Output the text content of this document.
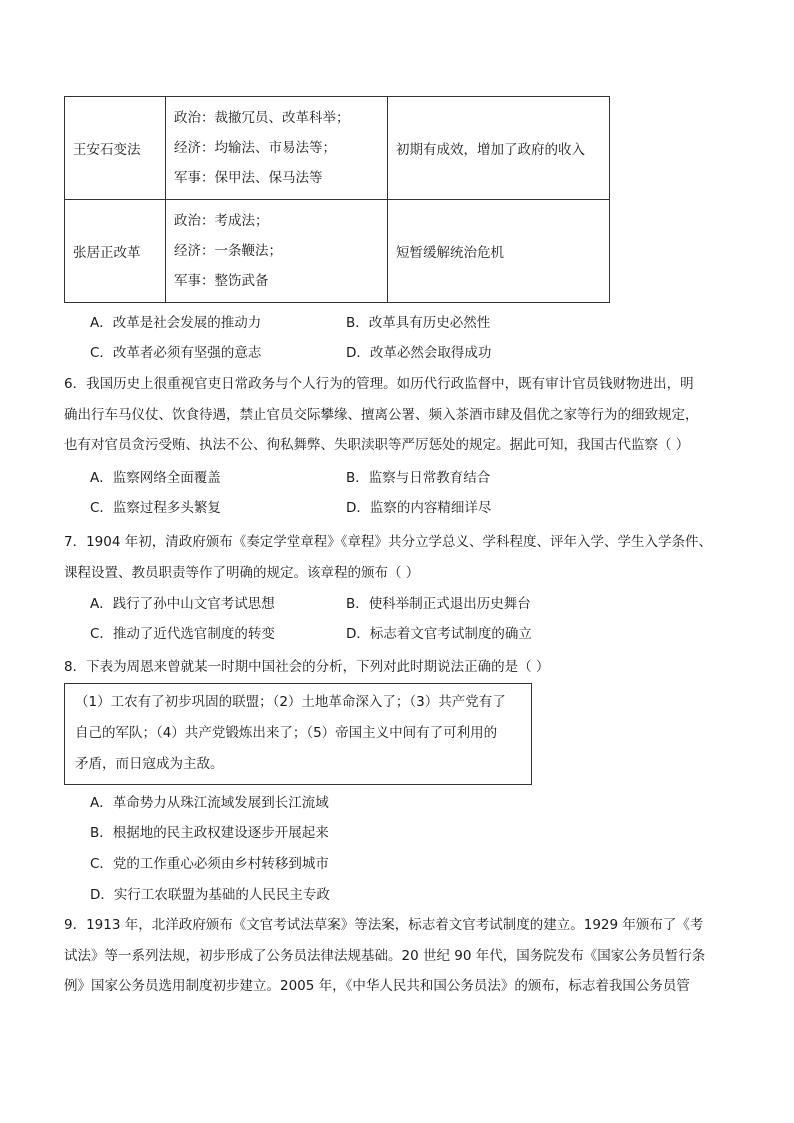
王安石变法	政治：裁撤冗员、改革科举；
经济：均输法、市易法等；
军事：保甲法、保马法等	初期有成效，增加了政府的收入
张居正改革	政治：考成法；
经济：一条鞭法；
军事：整饬武备	短暂缓解统治危机
A．改革是社会发展的推动力	B．改革具有历史必然性
C．改革者必须有坚强的意志	D．改革必然会取得成功
6．我国历史上很重视官吏日常政务与个人行为的管理。如历代行政监督中，既有审计官员钱财物进出，明
确出行车马仪仗、饮食待遇，禁止官员交际攀缘、擅离公署、频入茶酒市肆及倡优之家等行为的细致规定，
也有对官员贪污受贿、执法不公、徇私舞弊、失职渎职等严厉惩处的规定。据此可知，我国古代监察（ ）
A．监察网络全面覆盖	B．监察与日常教育结合
C．监察过程多头繁复	D．监察的内容精细详尽
7．1904 年初，清政府颁布《奏定学堂章程》《章程》共分立学总义、学科程度、评年入学、学生入学条件、
课程设置、教员职责等作了明确的规定。该章程的颁布（ ）
A．践行了孙中山文官考试思想	B．使科举制正式退出历史舞台
C．推动了近代选官制度的转变	D．标志着文官考试制度的确立
8．下表为周恩来曾就某一时期中国社会的分析，下列对此时期说法正确的是（ ）
（1）工农有了初步巩固的联盟；（2）土地革命深入了；（3）共产党有了
自己的军队；（4）共产党锻炼出来了；（5）帝国主义中间有了可利用的
矛盾，而日寇成为主敌。
A．革命势力从珠江流域发展到长江流域
B．根据地的民主政权建设逐步开展起来
C．党的工作重心必须由乡村转移到城市
D．实行工农联盟为基础的人民民主专政
9．1913 年，北洋政府颁布《文官考试法草案》等法案，标志着文官考试制度的建立。1929 年颁布了《考
试法》等一系列法规，初步形成了公务员法律法规基础。20 世纪 90 年代，国务院发布《国家公务员暂行条
例》国家公务员选用制度初步建立。2005 年，《中华人民共和国公务员法》的颁布，标志着我国公务员管
